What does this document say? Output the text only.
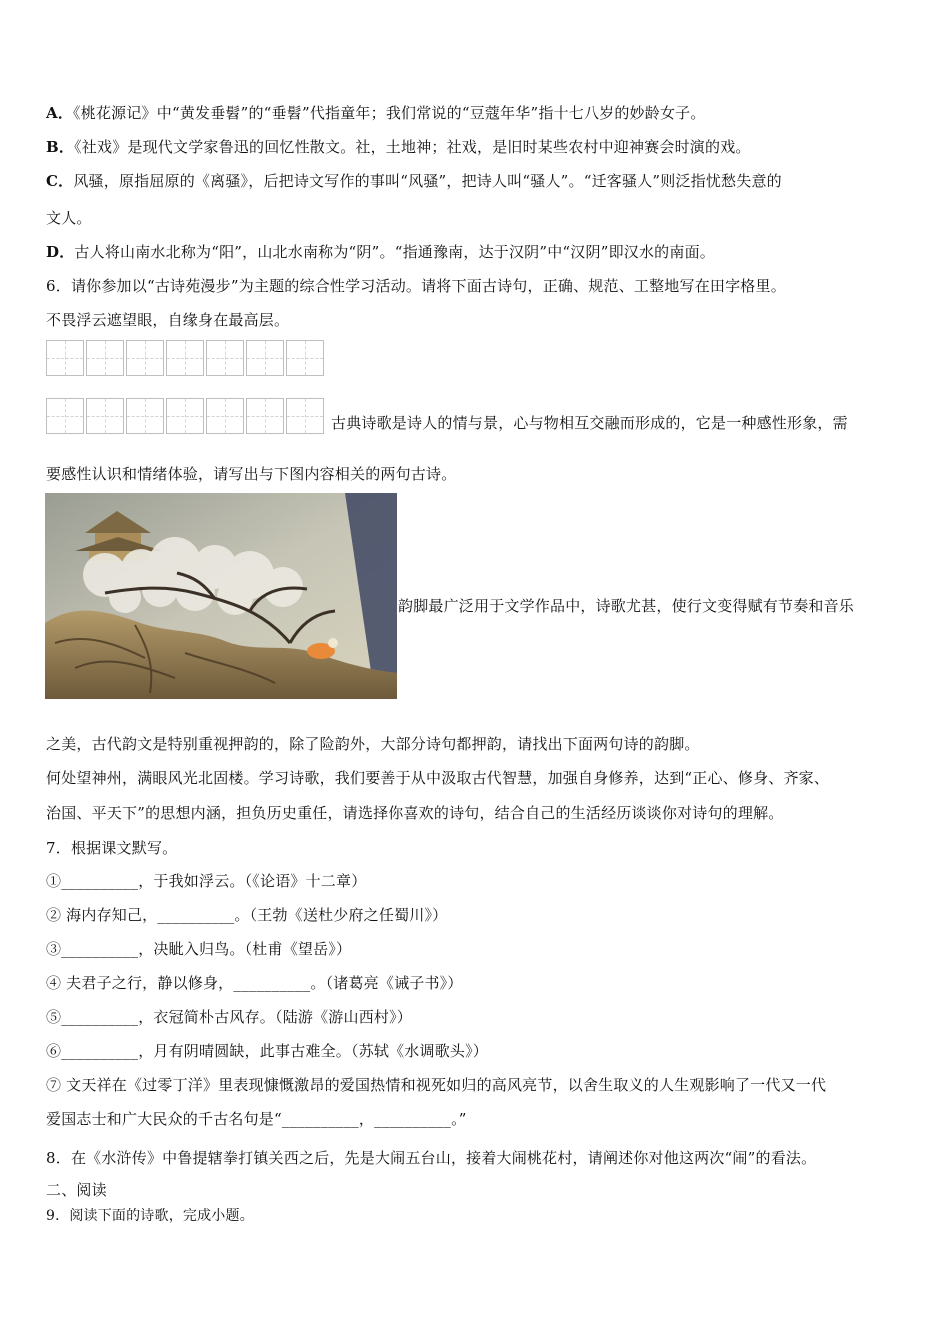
A．《桃花源记》中“黄发垂髫”的“垂髫”代指童年；我们常说的“豆蔻年华”指十七八岁的妙龄女子。
B．《社戏》是现代文学家鲁迅的回忆性散文。社，土地神；社戏，是旧时某些农村中迎神赛会时演的戏。
C．风骚，原指屈原的《离骚》，后把诗文写作的事叫“风骚”，把诗人叫“骚人”。“迁客骚人”则泛指忧愁失意的
文人。
D．古人将山南水北称为“阳”，山北水南称为“阴”。“指通豫南，达于汉阴”中“汉阴”即汉水的南面。
6．请你参加以“古诗苑漫步”为主题的综合性学习活动。请将下面古诗句，正确、规范、工整地写在田字格里。
不畏浮云遮望眼，自缘身在最高层。
古典诗歌是诗人的情与景，心与物相互交融而形成的，它是一种感性形象，需
要感性认识和情绪体验，请写出与下图内容相关的两句古诗。
韵脚最广泛用于文学作品中，诗歌尤甚，使行文变得赋有节奏和音乐
之美，古代韵文是特别重视押韵的，除了险韵外，大部分诗句都押韵，请找出下面两句诗的韵脚。
何处望神州，满眼风光北固楼。学习诗歌，我们要善于从中汲取古代智慧，加强自身修养，达到“正心、修身、齐家、
治国、平天下”的思想内涵，担负历史重任，请选择你喜欢的诗句，结合自己的生活经历谈谈你对诗句的理解。
7．根据课文默写。
①__________，于我如浮云。（《论语》十二章）
② 海内存知己，__________。（王勃《送杜少府之任蜀川》）
③__________，决眦入归鸟。（杜甫《望岳》）
④ 夫君子之行，静以修身，__________。（诸葛亮《诫子书》）
⑤__________，衣冠简朴古风存。（陆游《游山西村》）
⑥__________，月有阴晴圆缺，此事古难全。（苏轼《水调歌头》）
⑦ 文天祥在《过零丁洋》里表现慷慨激昂的爱国热情和视死如归的高风亮节，以舍生取义的人生观影响了一代又一代
爱国志士和广大民众的千古名句是“__________，__________。”
8．在《水浒传》中鲁提辖拳打镇关西之后，先是大闹五台山，接着大闹桃花村，请阐述你对他这两次“闹”的看法。
二、阅读
9．阅读下面的诗歌，完成小题。
